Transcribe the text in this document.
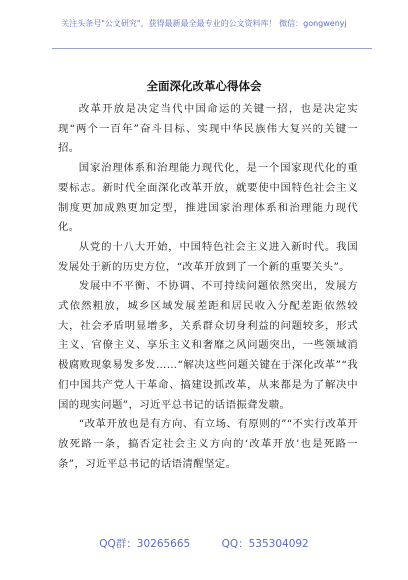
关注头条号"公文研究"，获得最新最全最专业的公文资料库！ 微信：gongwenyj
全面深化改革心得体会

改革开放是决定当代中国命运的关键一招，也是决定实现“两个一百年”奋斗目标、实现中华民族伟大复兴的关键一招。

国家治理体系和治理能力现代化，是一个国家现代化的重要标志。新时代全面深化改革开放，就要使中国特色社会主义制度更加成熟更加定型，推进国家治理体系和治理能力现代化。

从党的十八大开始，中国特色社会主义进入新时代。我国发展处于新的历史方位，“改革开放到了一个新的重要关头”。

发展中不平衡、不协调、不可持续问题依然突出，发展方式依然粗放，城乡区域发展差距和居民收入分配差距依然较大，社会矛盾明显增多，关系群众切身利益的问题较多，形式主义、官僚主义、享乐主义和奢靡之风问题突出，一些领域消极腐败现象易发多发……“解决这些问题关键在于深化改革”“我们中国共产党人干革命、搞建设抓改革，从来都是为了解决中国的现实问题”，习近平总书记的话语振聋发聩。

“改革开放也是有方向、有立场、有原则的”“不实行改革开放死路一条，搞否定社会主义方向的‘改革开放’也是死路一条”，习近平总书记的话语清醒坚定。

QQ群：30265665	QQ：535304092
